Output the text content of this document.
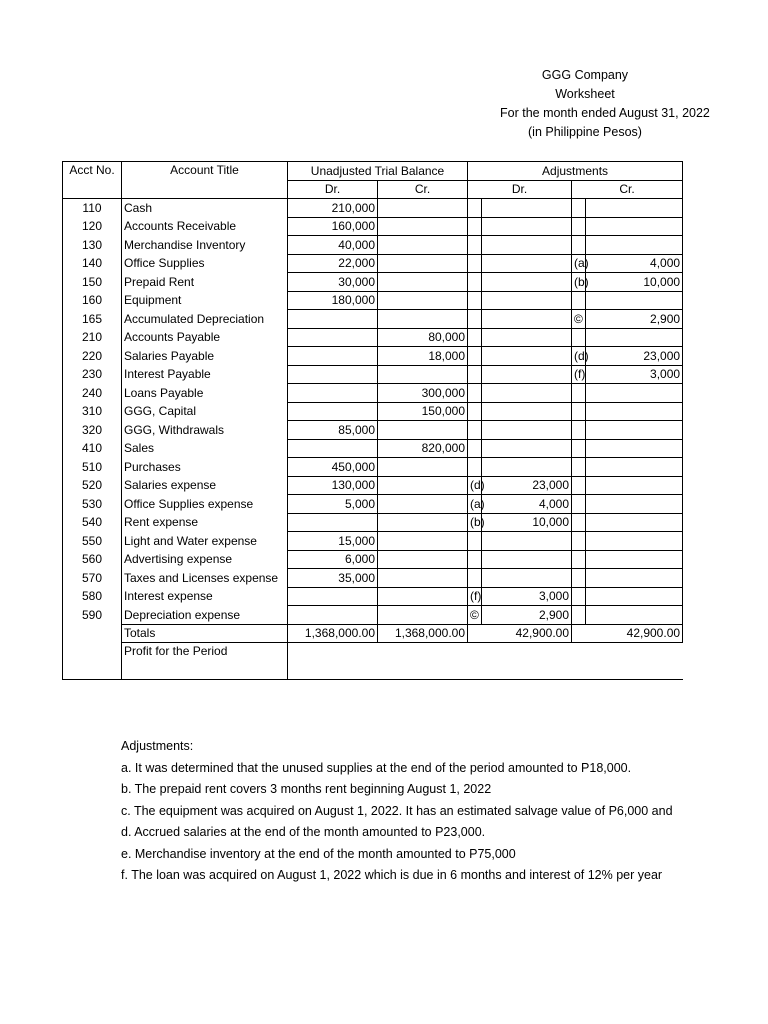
GGG Company
Worksheet
For the month ended August 31, 2022
(in Philippine Pesos)
Acct No.	Account Title	Unadjusted Trial Balance		Adjustments			
		Dr.	Cr.	Dr.		Cr.	
110	Cash	210,000					
120	Accounts Receivable	160,000					
130	Merchandise Inventory	40,000					
140	Office Supplies	22,000				(a)	4,000
150	Prepaid Rent	30,000				(b)	10,000
160	Equipment	180,000					
165	Accumulated Depreciation					©	2,900
210	Accounts Payable		80,000				
220	Salaries Payable		18,000			(d)	23,000
230	Interest Payable					(f)	3,000
240	Loans Payable		300,000				
310	GGG, Capital		150,000				
320	GGG, Withdrawals	85,000					
410	Sales		820,000				
510	Purchases	450,000					
520	Salaries expense	130,000		(d)	23,000		
530	Office Supplies expense	5,000		(a)	4,000		
540	Rent expense			(b)	10,000		
550	Light and Water expense	15,000					
560	Advertising expense	6,000					
570	Taxes and Licenses expense	35,000					
580	Interest expense			(f)	3,000		
590	Depreciation expense			©	2,900		
	Totals	1,368,000.00	1,368,000.00	42,900.00		42,900.00	
	Profit for the Period						
Adjustments:
a. It was determined that the unused supplies at the end of the period amounted to P18,000.
b. The prepaid rent covers 3 months rent beginning August 1, 2022
c. The equipment was acquired on August 1, 2022. It has an estimated salvage value of P6,000 and
d. Accrued salaries at the end of the month amounted to P23,000.
e. Merchandise inventory at the end of the month amounted to P75,000
f. The loan was acquired on August 1, 2022 which is due in 6 months and interest of 12% per year
